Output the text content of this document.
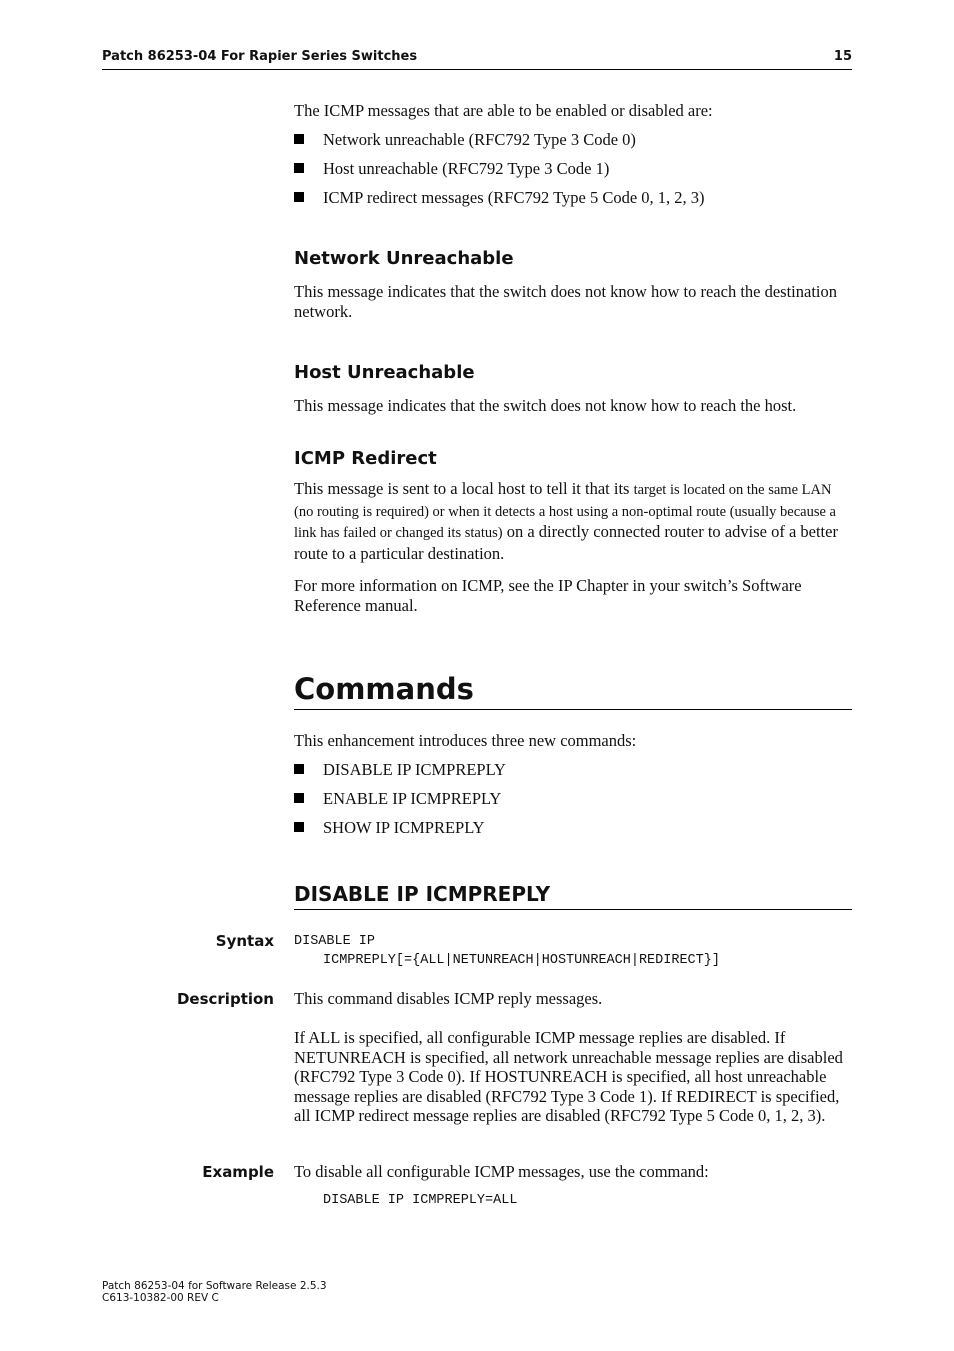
Patch 86253-04 For Rapier Series Switches	15

The ICMP messages that are able to be enabled or disabled are:

Network unreachable (RFC792 Type 3 Code 0)
Host unreachable (RFC792 Type 3 Code 1)
ICMP redirect messages (RFC792 Type 5 Code 0, 1, 2, 3)
Network Unreachable

This message indicates that the switch does not know how to reach the destination network.

Host Unreachable

This message indicates that the switch does not know how to reach the host.

ICMP Redirect

This message is sent to a local host to tell it that its target is located on the same LAN (no routing is required) or when it detects a host using a non-optimal route (usually because a link has failed or changed its status) on a directly connected router to advise of a better route to a particular destination.

For more information on ICMP, see the IP Chapter in your switch’s Software Reference manual.

Commands

This enhancement introduces three new commands:

DISABLE IP ICMPREPLY
ENABLE IP ICMPREPLY
SHOW IP ICMPREPLY
DISABLE IP ICMPREPLY
Syntax DISABLE IP
ICMPREPLY[={ALL|NETUNREACH|HOSTUNREACH|REDIRECT}]
Description This command disables ICMP reply messages.

If ALL is specified, all configurable ICMP message replies are disabled. If NETUNREACH is specified, all network unreachable message replies are disabled (RFC792 Type 3 Code 0). If HOSTUNREACH is specified, all host unreachable message replies are disabled (RFC792 Type 3 Code 1). If REDIRECT is specified, all ICMP redirect message replies are disabled (RFC792 Type 5 Code 0, 1, 2, 3).

Example To disable all configurable ICMP messages, use the command:

DISABLE IP ICMPREPLY=ALL
Patch 86253-04 for Software Release 2.5.3
C613-10382-00 REV C
